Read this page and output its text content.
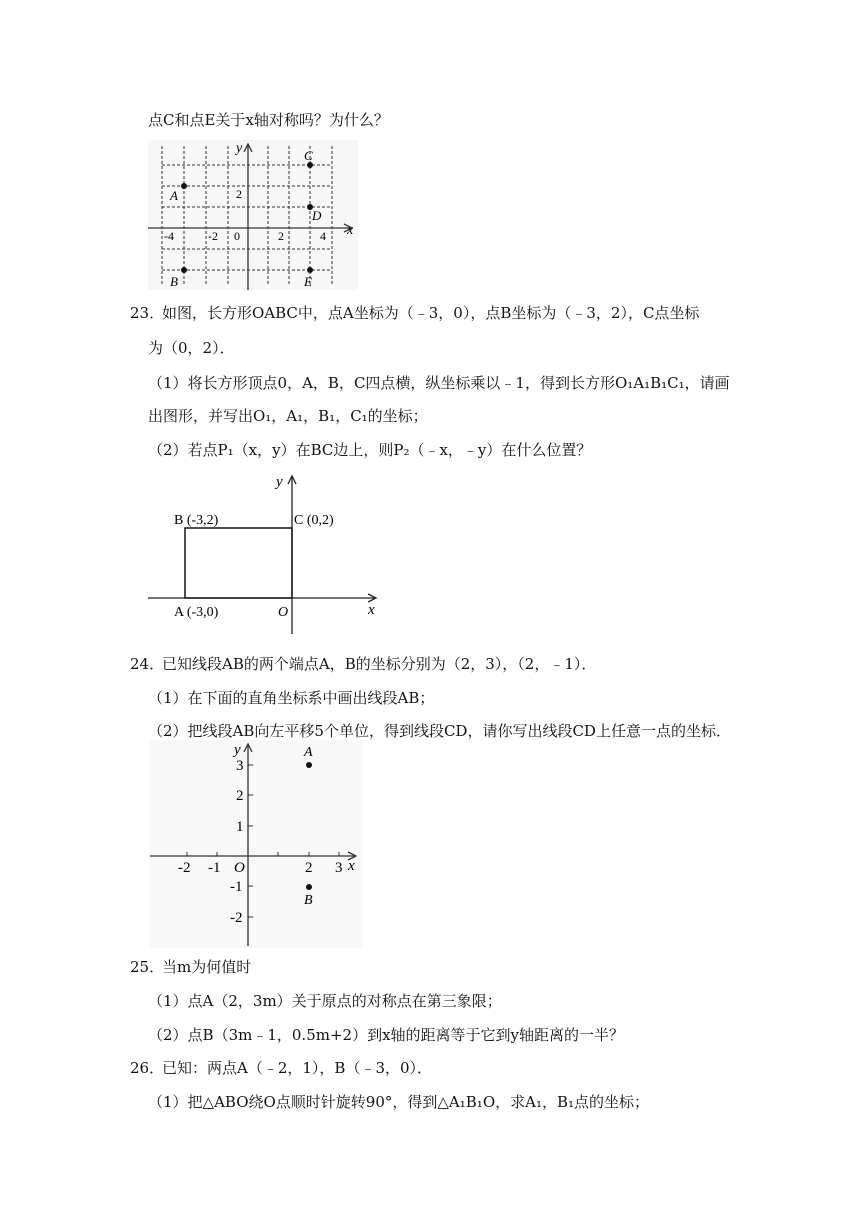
点C和点E关于x轴对称吗？为什么？
y
x
-4	-2 0	2	4
2
A
B
C
D
E
23．
如图，长方形OABC中，点A坐标为（﹣3，0），点B坐标为（﹣3，2），C点坐标
为（0，2）．
（1）将长方形顶点0，A，B，C四点横，纵坐标乘以﹣1，得到长方形O₁A₁B₁C₁，请画
出图形，并写出O₁，A₁，B₁，C₁的坐标；
（2）若点P₁（x，y）在BC边上，则P₂（﹣x，﹣y）在什么位置？
y
x
B (-3,2)	C (0,2)
A (-3,0)	O
24．
已知线段AB的两个端点A，B的坐标分别为（2，3），（2，﹣1）．
（1）在下面的直角坐标系中画出线段AB；
（2）把线段AB向左平移5个单位，得到线段CD，请你写出线段CD上任意一点的坐标．
y
x
O
-2 -1	2 3
3
2
1
-1
-2
A
B
25．
当m为何值时
（1）点A（2，3m）关于原点的对称点在第三象限；
（2）点B（3m﹣1，0.5m+2）到x轴的距离等于它到y轴距离的一半？
26．
已知：两点A（﹣2，1），B（﹣3，0）．
（1）把△ABO绕O点顺时针旋转90°，得到△A₁B₁O，求A₁，B₁点的坐标；
